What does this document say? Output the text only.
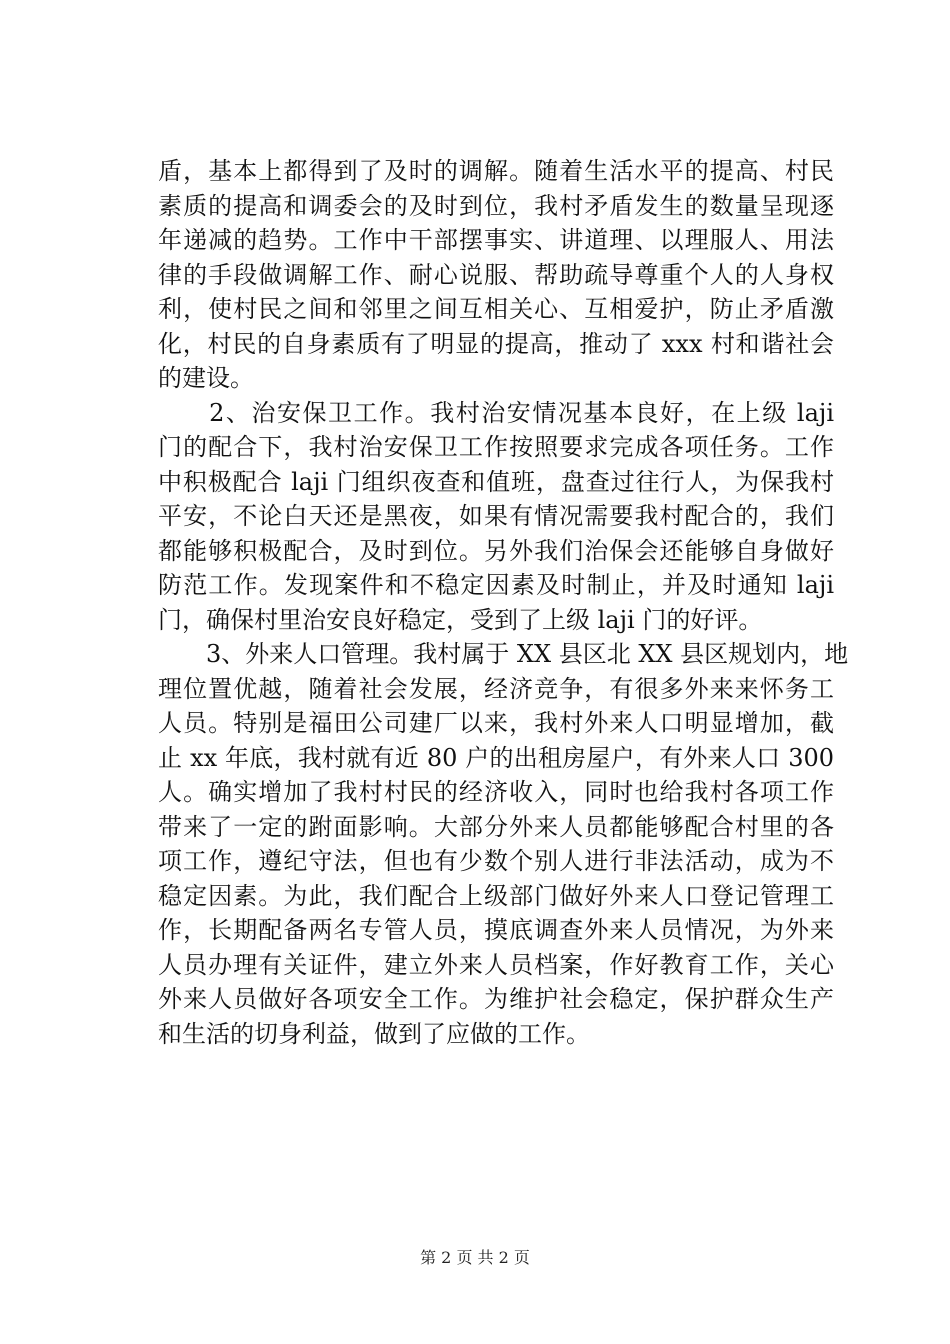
盾，基本上都得到了及时的调解。随着生活水平的提高、村民
素质的提高和调委会的及时到位，我村矛盾发生的数量呈现逐
年递减的趋势。工作中干部摆事实、讲道理、以理服人、用法
律的手段做调解工作、耐心说服、帮助疏导尊重个人的人身权
利，使村民之间和邻里之间互相关心、互相爱护，防止矛盾激
化，村民的自身素质有了明显的提高，推动了 xxx 村和谐社会
的建设。
　　2、治安保卫工作。我村治安情况基本良好，在上级 laji
门的配合下，我村治安保卫工作按照要求完成各项任务。工作
中积极配合 laji 门组织夜查和值班，盘查过往行人，为保我村
平安，不论白天还是黑夜，如果有情况需要我村配合的，我们
都能够积极配合，及时到位。另外我们治保会还能够自身做好
防范工作。发现案件和不稳定因素及时制止，并及时通知 laji
门，确保村里治安良好稳定，受到了上级 laji 门的好评。
　　3、外来人口管理。我村属于 XX 县区北 XX 县区规划内，地
理位置优越，随着社会发展，经济竞争，有很多外来来怀务工
人员。特别是福田公司建厂以来，我村外来人口明显增加，截
止 xx 年底，我村就有近 80 户的出租房屋户，有外来人口 300
人。确实增加了我村村民的经济收入，同时也给我村各项工作
带来了一定的跗面影响。大部分外来人员都能够配合村里的各
项工作，遵纪守法，但也有少数个别人进行非法活动，成为不
稳定因素。为此，我们配合上级部门做好外来人口登记管理工
作，长期配备两名专管人员，摸底调查外来人员情况，为外来
人员办理有关证件，建立外来人员档案，作好教育工作，关心
外来人员做好各项安全工作。为维护社会稳定，保护群众生产
和生活的切身利益，做到了应做的工作。
第 2 页 共 2 页
